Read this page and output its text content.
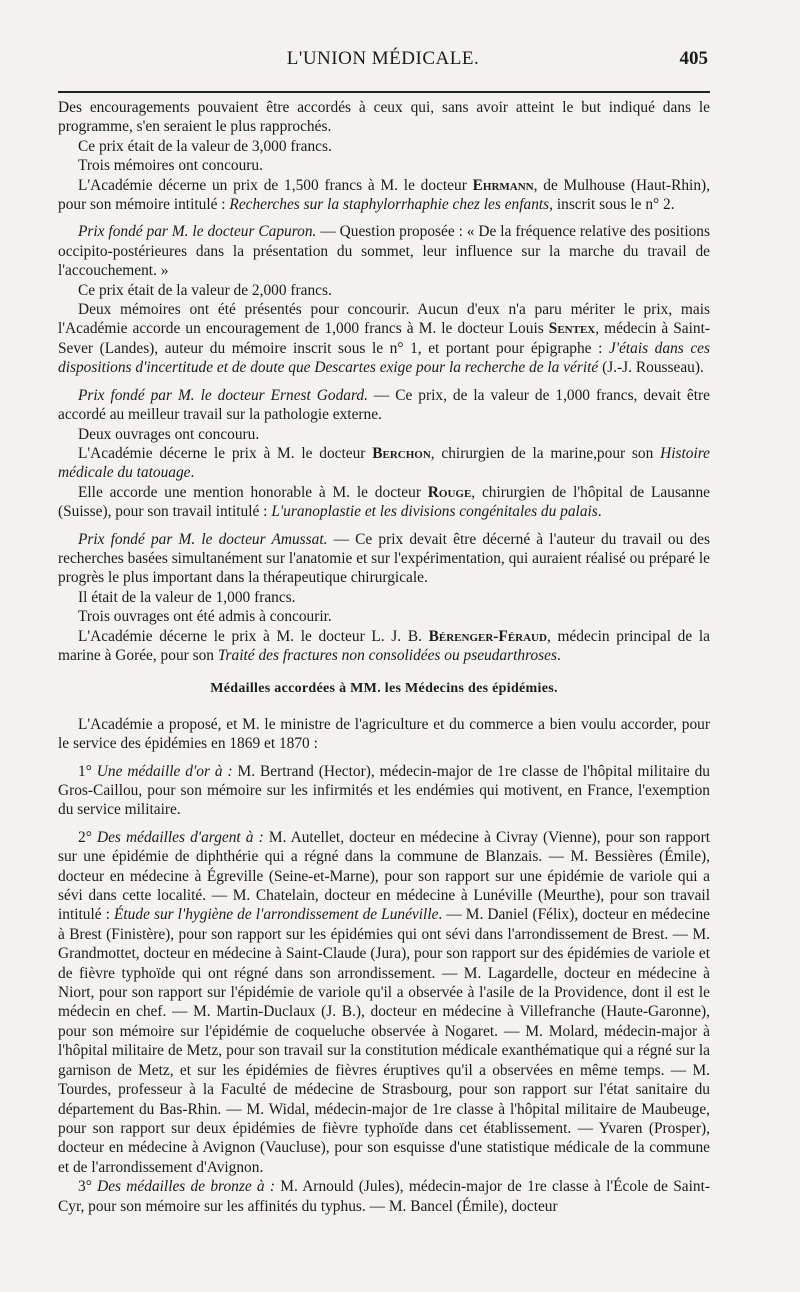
L'UNION MÉDICALE.	405

Des encouragements pouvaient être accordés à ceux qui, sans avoir atteint le but indiqué dans le programme, s'en seraient le plus rapprochés.

Ce prix était de la valeur de 3,000 francs.

Trois mémoires ont concouru.

L'Académie décerne un prix de 1,500 francs à M. le docteur Ehrmann, de Mulhouse (Haut-Rhin), pour son mémoire intitulé : Recherches sur la staphylorrhaphie chez les enfants, inscrit sous le n° 2.

Prix fondé par M. le docteur Capuron. — Question proposée : « De la fréquence relative des positions occipito-postérieures dans la présentation du sommet, leur influence sur la marche du travail de l'accouchement. »

Ce prix était de la valeur de 2,000 francs.

Deux mémoires ont été présentés pour concourir. Aucun d'eux n'a paru mériter le prix, mais l'Académie accorde un encouragement de 1,000 francs à M. le docteur Louis Sentex, médecin à Saint-Sever (Landes), auteur du mémoire inscrit sous le n° 1, et portant pour épigraphe : J'étais dans ces dispositions d'incertitude et de doute que Descartes exige pour la recherche de la vérité (J.-J. Rousseau).

Prix fondé par M. le docteur Ernest Godard. — Ce prix, de la valeur de 1,000 francs, devait être accordé au meilleur travail sur la pathologie externe.

Deux ouvrages ont concouru.

L'Académie décerne le prix à M. le docteur Berchon, chirurgien de la marine,pour son Histoire médicale du tatouage.

Elle accorde une mention honorable à M. le docteur Rouge, chirurgien de l'hôpital de Lausanne (Suisse), pour son travail intitulé : L'uranoplastie et les divisions congénitales du palais.

Prix fondé par M. le docteur Amussat. — Ce prix devait être décerné à l'auteur du travail ou des recherches basées simultanément sur l'anatomie et sur l'expérimentation, qui auraient réalisé ou préparé le progrès le plus important dans la thérapeutique chirurgicale.

Il était de la valeur de 1,000 francs.

Trois ouvrages ont été admis à concourir.

L'Académie décerne le prix à M. le docteur L. J. B. Bérenger-Féraud, médecin principal de la marine à Gorée, pour son Traité des fractures non consolidées ou pseudarthroses.

Médailles accordées à MM. les Médecins des épidémies.

L'Académie a proposé, et M. le ministre de l'agriculture et du commerce a bien voulu accorder, pour le service des épidémies en 1869 et 1870 :

1° Une médaille d'or à : M. Bertrand (Hector), médecin-major de 1re classe de l'hôpital militaire du Gros-Caillou, pour son mémoire sur les infirmités et les endémies qui motivent, en France, l'exemption du service militaire.

2° Des médailles d'argent à : M. Autellet, docteur en médecine à Civray (Vienne), pour son rapport sur une épidémie de diphthérie qui a régné dans la commune de Blanzais. — M. Bessières (Émile), docteur en médecine à Égreville (Seine-et-Marne), pour son rapport sur une épidémie de variole qui a sévi dans cette localité. — M. Chatelain, docteur en médecine à Lunéville (Meurthe), pour son travail intitulé : Étude sur l'hygiène de l'arrondissement de Lunéville. — M. Daniel (Félix), docteur en médecine à Brest (Finistère), pour son rapport sur les épidémies qui ont sévi dans l'arrondissement de Brest. — M. Grandmottet, docteur en médecine à Saint-Claude (Jura), pour son rapport sur des épidémies de variole et de fièvre typhoïde qui ont régné dans son arrondissement. — M. Lagardelle, docteur en médecine à Niort, pour son rapport sur l'épidémie de variole qu'il a observée à l'asile de la Providence, dont il est le médecin en chef. — M. Martin-Duclaux (J. B.), docteur en médecine à Villefranche (Haute-Garonne), pour son mémoire sur l'épidémie de coqueluche observée à Nogaret. — M. Molard, médecin-major à l'hôpital militaire de Metz, pour son travail sur la constitution médicale exanthématique qui a régné sur la garnison de Metz, et sur les épidémies de fièvres éruptives qu'il a observées en même temps. — M. Tourdes, professeur à la Faculté de médecine de Strasbourg, pour son rapport sur l'état sanitaire du département du Bas-Rhin. — M. Widal, médecin-major de 1re classe à l'hôpital militaire de Maubeuge, pour son rapport sur deux épidémies de fièvre typhoïde dans cet établissement. — Yvaren (Prosper), docteur en médecine à Avignon (Vaucluse), pour son esquisse d'une statistique médicale de la commune et de l'arrondissement d'Avignon.

3° Des médailles de bronze à : M. Arnould (Jules), médecin-major de 1re classe à l'École de Saint-Cyr, pour son mémoire sur les affinités du typhus. — M. Bancel (Émile), docteur
